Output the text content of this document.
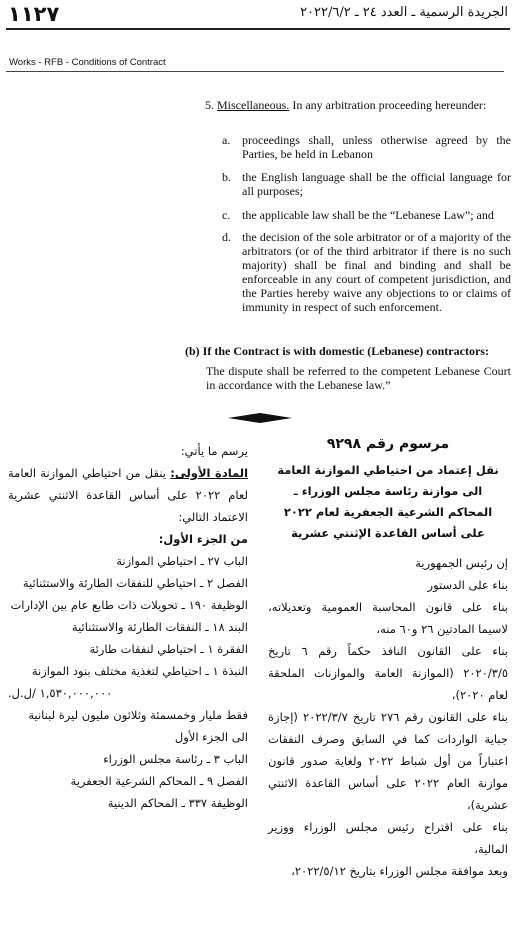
١١٢٧	الجريدة الرسمية ـ العدد ٢٤ ـ ٢٠٢٢/٦/٢
Works - RFB - Conditions of Contract
5. Miscellaneous. In any arbitration proceeding hereunder:
a. proceedings shall, unless otherwise agreed by the Parties, be held in Lebanon
b. the English language shall be the official language for all purposes;
c. the applicable law shall be the “Lebanese Law”; and
d. the decision of the sole arbitrator or of a majority of the arbitrators (or of the third arbitrator if there is no such majority) shall be final and binding and shall be enforceable in any court of competent jurisdiction, and the Parties hereby waive any objections to or claims of immunity in respect of such enforcement.
(b) If the Contract is with domestic (Lebanese) contractors:
The dispute shall be referred to the competent Lebanese Court in accordance with the Lebanese law.”
مرسوم رقم ٩٢٩٨
نقل إعتماد من احتياطي الموازنة العامة
الى موازنة رئاسة مجلس الوزراء ـ
المحاكم الشرعية الجعفرية لعام ٢٠٢٢
على أساس القاعدة الإثنتي عشرية

إن رئيس الجمهورية

بناء على الدستور

بناء على قانون المحاسبة العمومية وتعديلاته، لاسيما المادتين ٢٦ و٦٠ منه،

بناء على القانون النافذ حكماً رقم ٦ تاريخ ٢٠٢٠/٣/٥ (الموازنة العامة والموازنات الملحقة لعام ٢٠٢٠)،

بناء على القانون رقم ٢٧٦ تاريخ ٢٠٢٢/٣/٧ (إجازة جباية الواردات كما في السابق وصرف النفقات اعتباراً من أول شباط ٢٠٢٢ ولغاية صدور قانون موازنة العام ٢٠٢٢ على أساس القاعدة الاثنتي عشرية)،

بناء على اقتراح رئيس مجلس الوزراء ووزير المالية،

وبعد موافقة مجلس الوزراء بتاريخ ٢٠٢٢/٥/١٢،

يرسم ما يأتي:

المادة الأولى: ينقل من احتياطي الموازنة العامة لعام ٢٠٢٢ على أساس القاعدة الاثنتي عشرية الاعتماد التالي:

من الجزء الأول:

الباب ٢٧ ـ احتياطي الموازنة

الفصل ٢ ـ احتياطي للنفقات الطارئة والاستثنائية

الوظيفة ١٩٠ ـ تحويلات ذات طابع عام بين الإدارات

البند ١٨ ـ النفقات الطارئة والاستثنائية

الفقرة ١ ـ احتياطي لنفقات طارئة

النبذة ١ ـ احتياطي لتغذية مختلف بنود الموازنة

١,٥٣٠,٠٠٠,٠٠٠ /ل.ل.

فقط مليار وخمسمئة وثلاثون مليون ليرة لبنانية

الى الجزء الأول

الباب ٣ ـ رئاسة مجلس الوزراء

الفصل ٩ ـ المحاكم الشرعية الجعفرية

الوظيفة ٣٣٧ ـ المحاكم الدينية
